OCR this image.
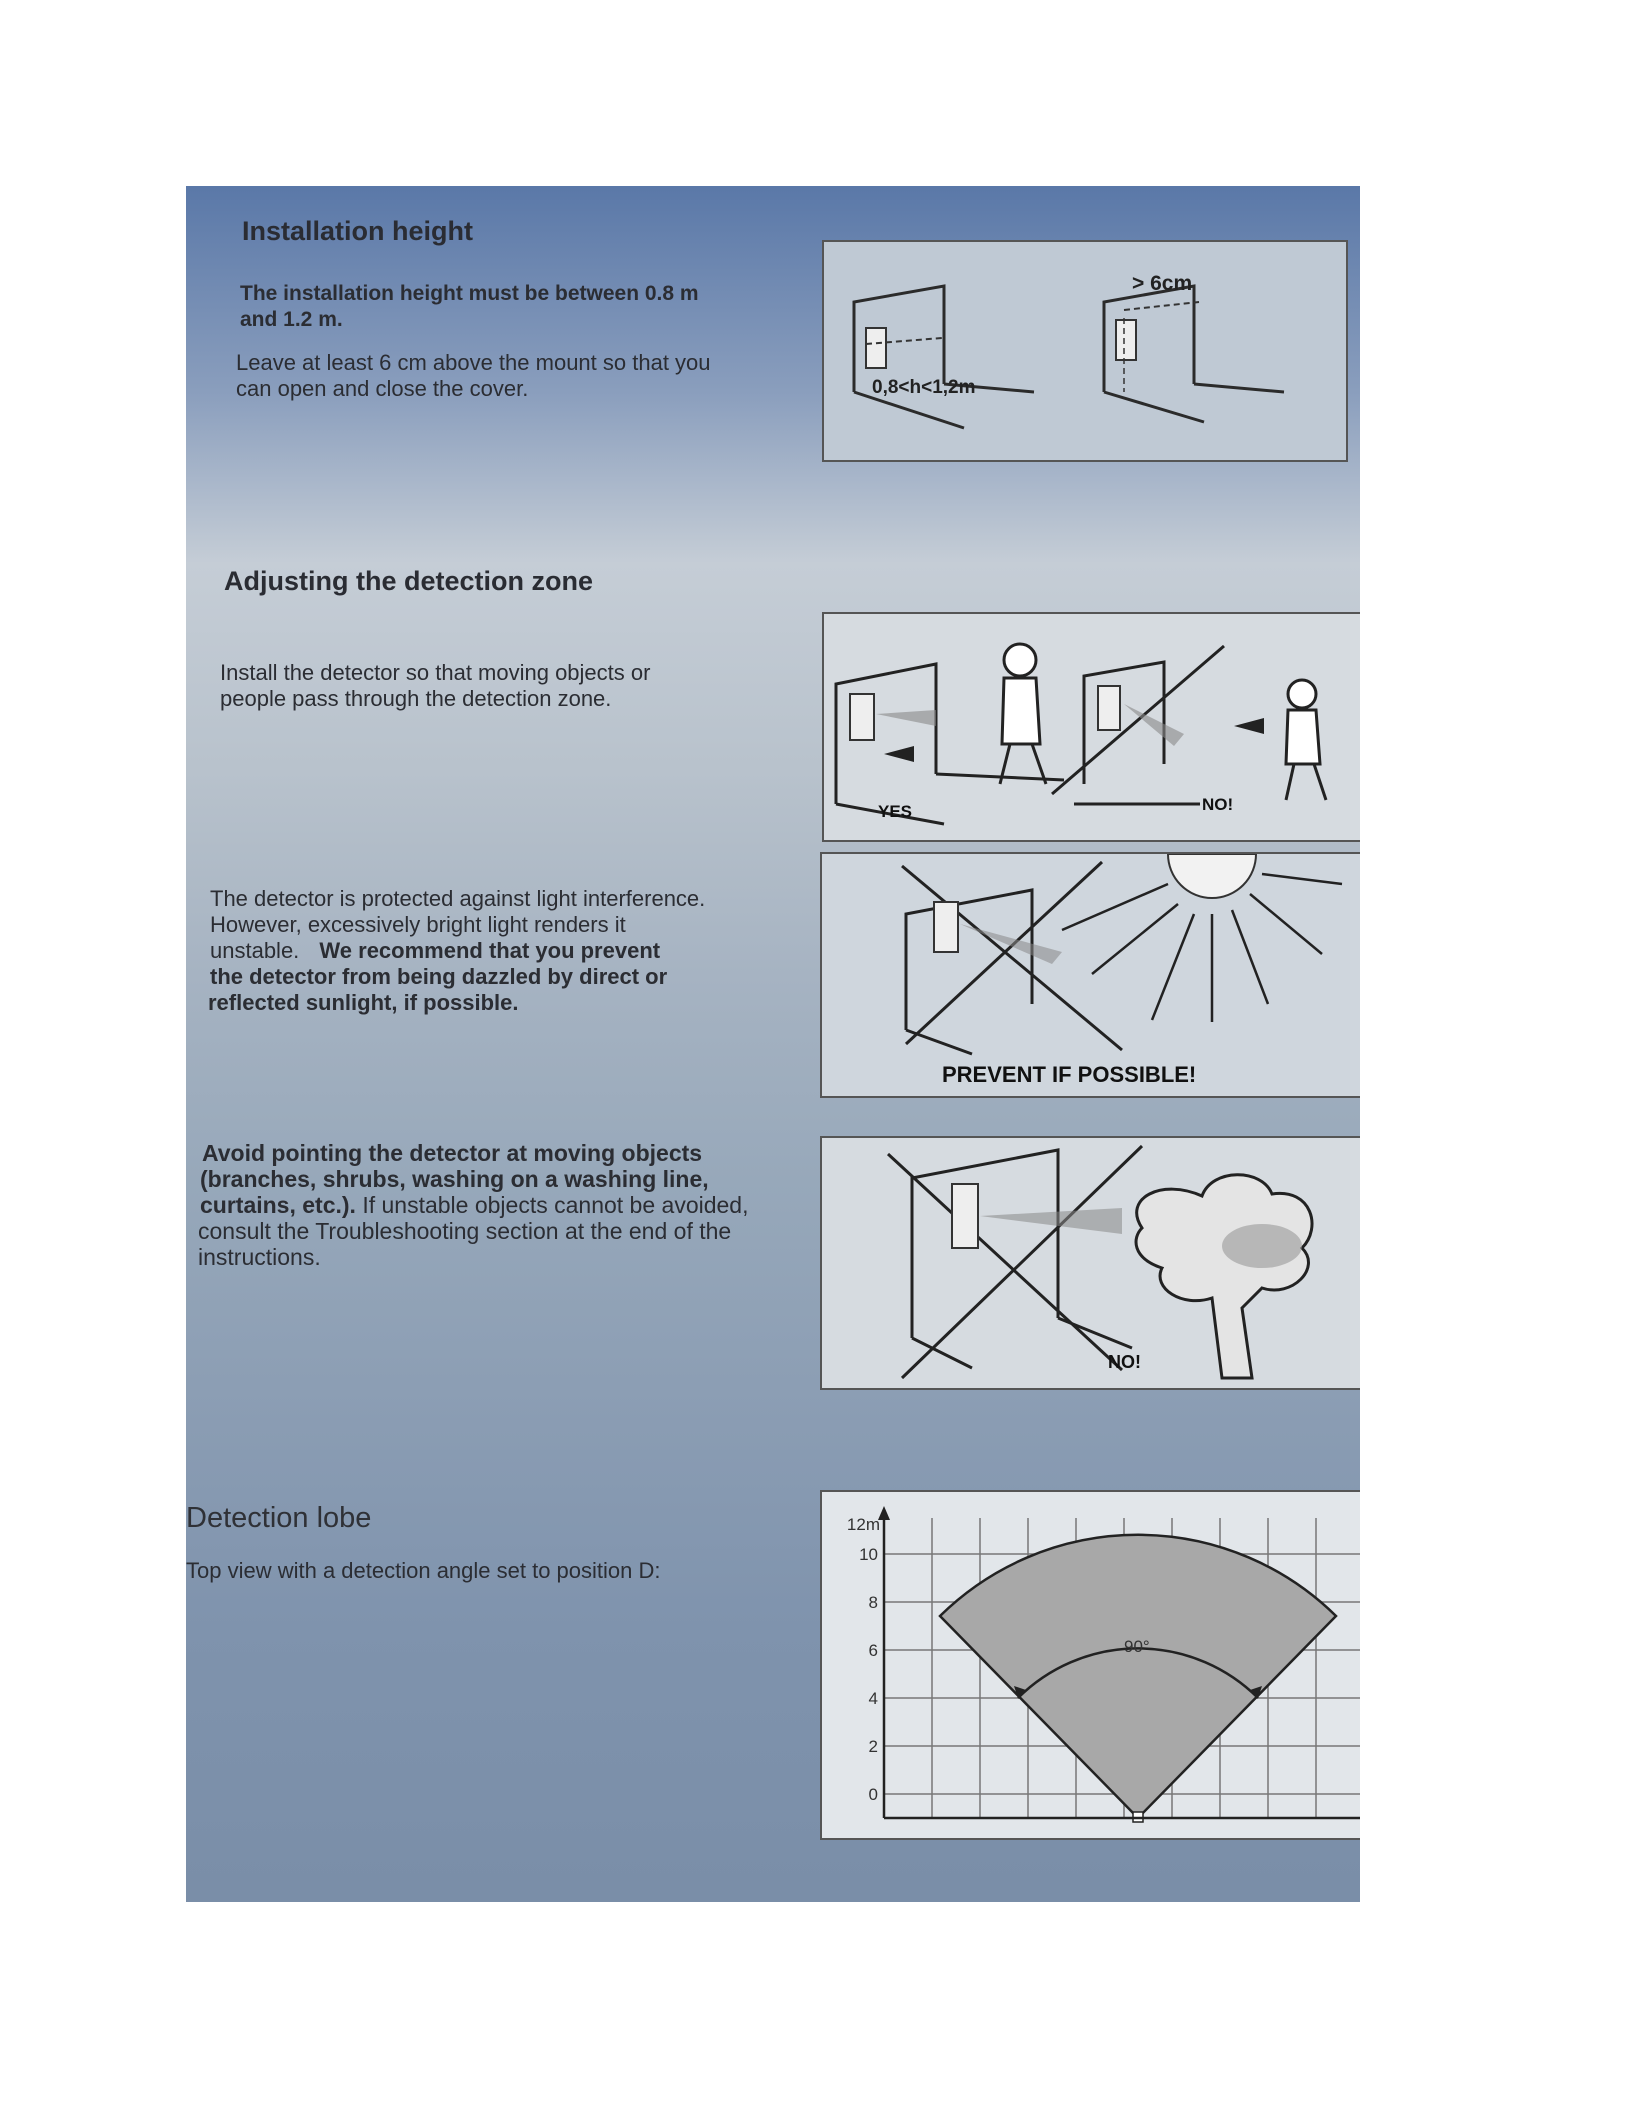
Installation height
The installation height must be between 0.8 m
and 1.2 m.
Leave at least 6 cm above the mount so that you
can open and close the cover.	0,8<h<1,2m
> 6cm
Adjusting the detection zone
Install the detector so that moving objects or
people pass through the detection zone.
YES	NO!
The detector is protected against light interference.
However, excessively bright light renders it
unstable. We recommend that you prevent
the detector from being dazzled by direct or
reflected sunlight, if possible.
PREVENT IF POSSIBLE!
Avoid pointing the detector at moving objects
(branches, shrubs, washing on a washing line,
curtains, etc.). If unstable objects cannot be avoided,
consult the Troubleshooting section at the end of the
instructions.
NO!
Detection lobe
Top view with a detection angle set to position D:
90°
12m
10
8
6
4
2
0
